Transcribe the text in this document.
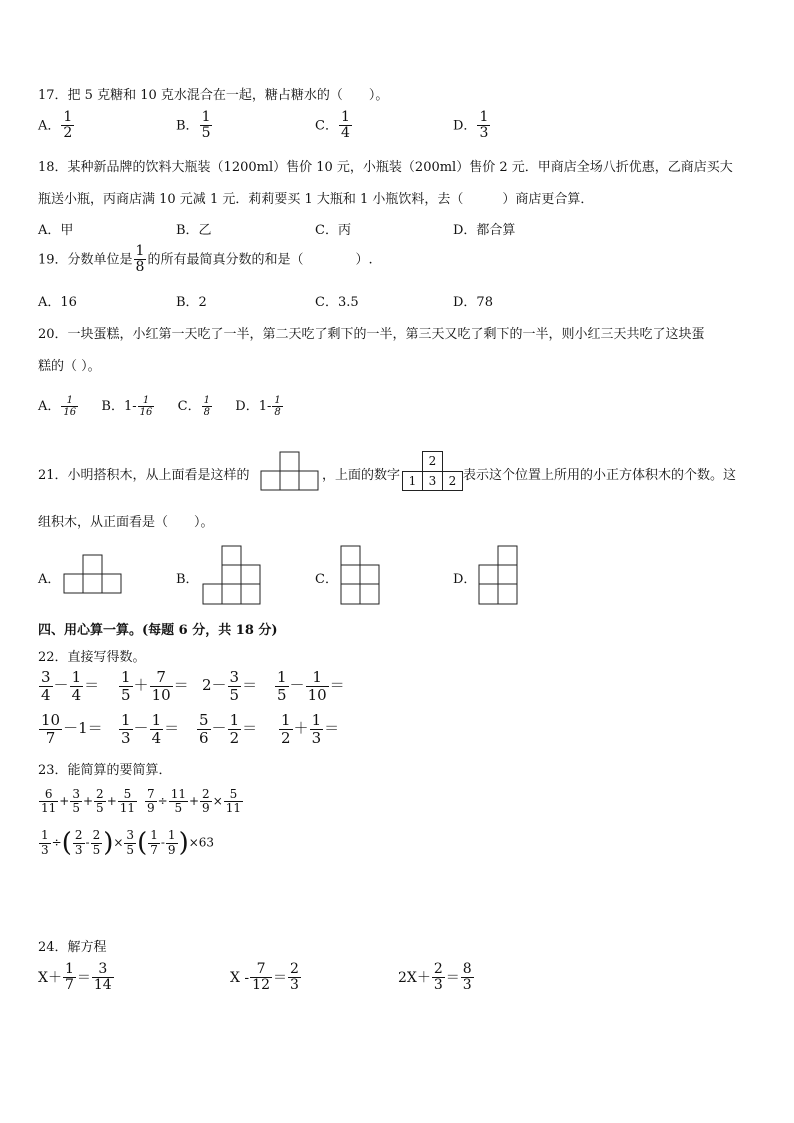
17．把 5 克糖和 10 克水混合在一起，糖占糖水的（　　）。
A． $\frac{1}{2}$	B． $\frac{1}{5}$	C． $\frac{1}{4}$	D． $\frac{1}{3}$
18．某种新品牌的饮料大瓶装（1200ml）售价 10 元，小瓶装（200ml）售价 2 元．甲商店全场八折优惠，乙商店买大
瓶送小瓶，丙商店满 10 元减 1 元．莉莉要买 1 大瓶和 1 小瓶饮料，去（　　　）商店更合算．
A．甲	B．乙	C．丙	D．都合算
19．分数单位是 $\frac{1}{8}$ 的所有最简真分数的和是（　　　　）.
A．16	B．2	C．3.5	D．78
20．一块蛋糕，小红第一天吃了一半，第二天吃了剩下的一半，第三天又吃了剩下的一半，则小红三天共吃了这块蛋
糕的（ ）。
A． $\frac{1}{16}$ B．$1- \frac{1}{16}$ C． $\frac{1}{8}$ D．$1- \frac{1}{8}$
21．小明搭积木，从上面看是这样的	，上面的数字
2
1	3	2 表示这个位置上所用的小正方体积木的个数。这
组积木，从正面看是（　　）。
A．	B．	C．	D．
四、用心算一算。(每题 6 分，共 18 分)
22．直接写得数。
$\frac{3}{4} - \frac{1}{4} = \frac{1}{5} + \frac{7}{10} = 2- \frac{3}{5} = \frac{1}{5} - \frac{1}{10}$ ＝
$\frac{10}{7} -1= \frac{1}{3} - \frac{1}{4} = \frac{5}{6} - \frac{1}{2} = \frac{1}{2} + \frac{1}{3}$ ＝
23．能简算的要简算．
$\frac{6}{11} + \frac{3}{5} + \frac{2}{5} + \frac{5}{11} \frac{7}{9} \div \frac{11}{5} + \frac{2}{9} \times \frac{5}{11}$
$\frac{1}{3}$ ÷( $\frac{2}{3} - \frac{2}{5}$ )× $\frac{3}{5}$ ( $\frac{1}{7} - \frac{1}{9} )\times 63$
24．解方程
$X+ \frac{1}{7} = \frac{3}{14}$	$X - \frac{7}{12} = \frac{2}{3}$	$2X+ \frac{2}{3} = \frac{8}{3}$
